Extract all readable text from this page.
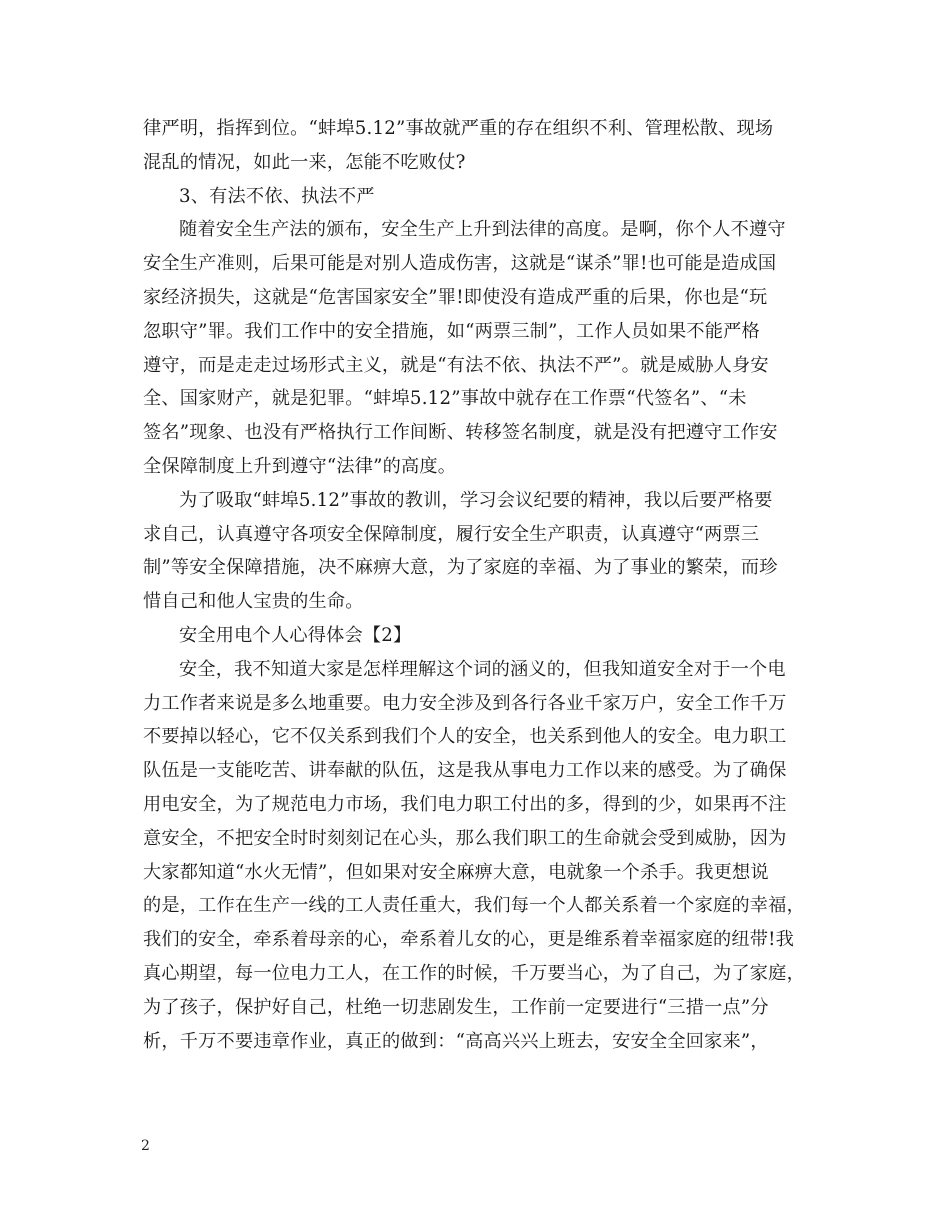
律严明，指挥到位。“蚌埠5.12”事故就严重的存在组织不利、管理松散、现场
混乱的情况，如此一来，怎能不吃败仗?
3、有法不依、执法不严
随着安全生产法的颁布，安全生产上升到法律的高度。是啊，你个人不遵守
安全生产准则，后果可能是对别人造成伤害，这就是“谋杀”罪!也可能是造成国
家经济损失，这就是“危害国家安全”罪!即使没有造成严重的后果，你也是“玩
忽职守”罪。我们工作中的安全措施，如“两票三制”，工作人员如果不能严格
遵守，而是走走过场形式主义，就是“有法不依、执法不严”。就是威胁人身安
全、国家财产，就是犯罪。“蚌埠5.12”事故中就存在工作票“代签名”、“未
签名”现象、也没有严格执行工作间断、转移签名制度，就是没有把遵守工作安
全保障制度上升到遵守“法律”的高度。
为了吸取“蚌埠5.12”事故的教训，学习会议纪要的精神，我以后要严格要
求自己，认真遵守各项安全保障制度，履行安全生产职责，认真遵守“两票三
制”等安全保障措施，决不麻痹大意，为了家庭的幸福、为了事业的繁荣，而珍
惜自己和他人宝贵的生命。
安全用电个人心得体会【2】
安全，我不知道大家是怎样理解这个词的涵义的，但我知道安全对于一个电
力工作者来说是多么地重要。电力安全涉及到各行各业千家万户，安全工作千万
不要掉以轻心，它不仅关系到我们个人的安全，也关系到他人的安全。电力职工
队伍是一支能吃苦、讲奉献的队伍，这是我从事电力工作以来的感受。为了确保
用电安全，为了规范电力市场，我们电力职工付出的多，得到的少，如果再不注
意安全，不把安全时时刻刻记在心头，那么我们职工的生命就会受到威胁，因为
大家都知道“水火无情”，但如果对安全麻痹大意，电就象一个杀手。我更想说
的是，工作在生产一线的工人责任重大，我们每一个人都关系着一个家庭的幸福，
我们的安全，牵系着母亲的心，牵系着儿女的心，更是维系着幸福家庭的纽带!我
真心期望，每一位电力工人，在工作的时候，千万要当心，为了自己，为了家庭，
为了孩子，保护好自己，杜绝一切悲剧发生，工作前一定要进行“三措一点”分
析，千万不要违章作业，真正的做到：“高高兴兴上班去，安安全全回家来”，
2
